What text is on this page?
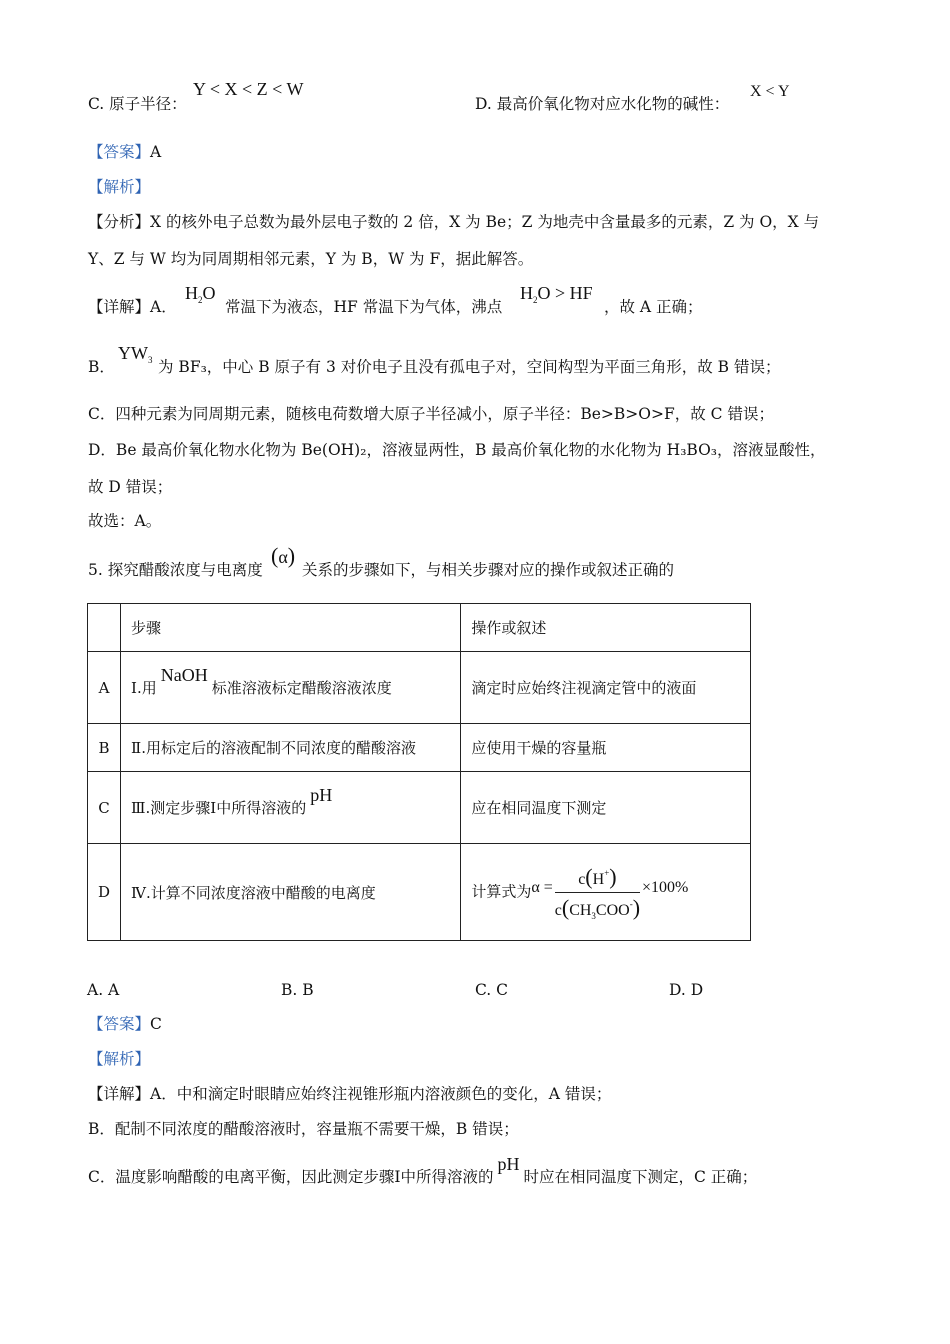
C. 原子半径：
Y < X < Z < W
D. 最高价氧化物对应水化物的碱性：
X < Y
【答案】A
【解析】
【分析】X 的核外电子总数为最外层电子数的 2 倍，X 为 Be；Z 为地壳中含量最多的元素，Z 为 O，X 与
Y、Z 与 W 均为同周期相邻元素，Y 为 B，W 为 F，据此解答。
【详解】A．
$H_2O$
常温下为液态，HF 常温下为气体，沸点
$H_2O$ > HF
，故 A 正确；
B．
$YW_3$ 为 BF₃，中心 B 原子有 3 对价电子且没有孤电子对，空间构型为平面三角形，故 B 错误；
C．四种元素为同周期元素，随核电荷数增大原子半径减小，原子半径：Be>B>O>F，故 C 错误；
D．Be 最高价氧化物水化物为 Be(OH)₂，溶液显两性，B 最高价氧化物的水化物为 H₃BO₃，溶液显酸性，
故 D 错误；
故选：A。
5. 探究醋酸浓度与电离度
(α)
关系的步骤如下，与相关步骤对应的操作或叙述正确的
	步骤	操作或叙述
A	Ⅰ.用NaOH标准溶液标定醋酸溶液浓度	滴定时应始终注视滴定管中的液面
B	Ⅱ.用标定后的溶液配制不同浓度的醋酸溶液	应使用干燥的容量瓶
C	Ⅲ.测定步骤Ⅰ中所得溶液的pH	应在相同温度下测定
D	Ⅳ.计算不同浓度溶液中醋酸的电离度	计算式为$\alpha = \frac{c(H^+)}{c(CH_3COO^-)} \times 100\%$
A. A	B. B	C. C	D. D
【答案】C
【解析】
【详解】A．中和滴定时眼睛应始终注视锥形瓶内溶液颜色的变化，A 错误；
B．配制不同浓度的醋酸溶液时，容量瓶不需要干燥，B 错误；
C．温度影响醋酸的电离平衡，因此测定步骤Ⅰ中所得溶液的pH时应在相同温度下测定，C 正确；
